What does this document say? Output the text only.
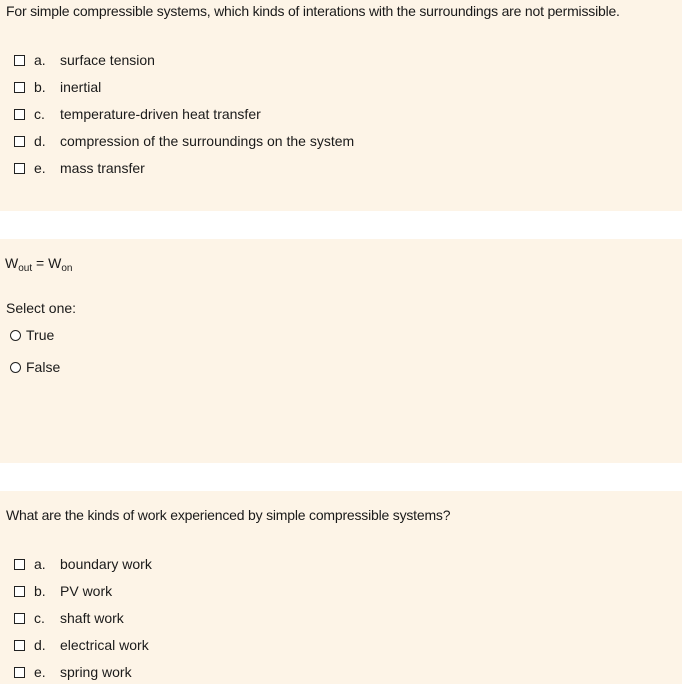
For simple compressible systems, which kinds of interations with the surroundings are not permissible.
a.	surface tension
b.	inertial
c.	temperature-driven heat transfer
d.	compression of the surroundings on the system
e.	mass transfer
$W_{out} = W_{on}$
Select one:
True
False
What are the kinds of work experienced by simple compressible systems?
a.	boundary work
b.	PV work
c.	shaft work
d.	electrical work
e.	spring work
